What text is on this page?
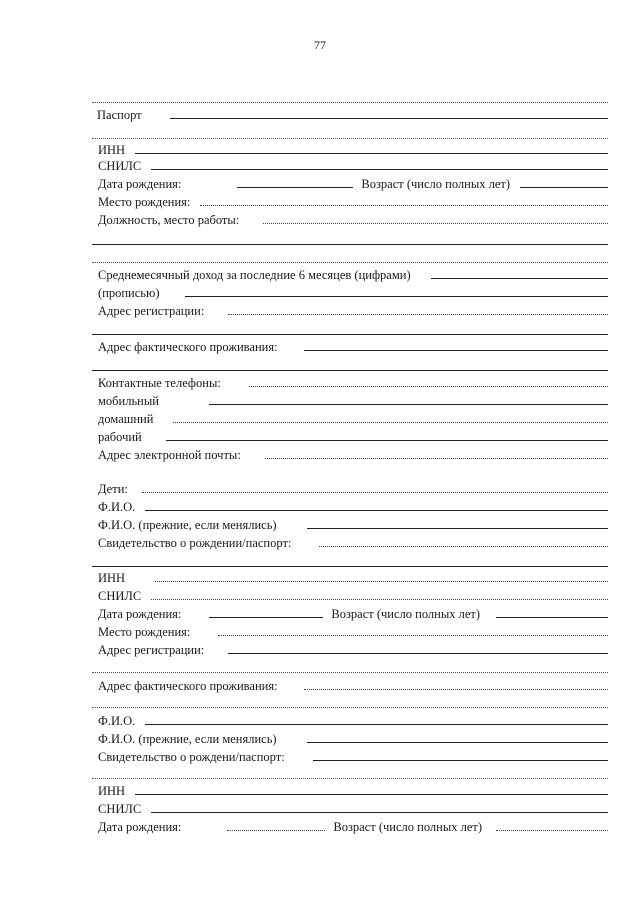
77
Паспорт
ИНН
СНИЛС
Дата рождения:	Возраст (число полных лет)
Место рождения:
Должность, место работы:
Среднемесячный доход за последние 6 месяцев (цифрами)
(прописью)
Адрес регистрации:
Адрес фактического проживания:
Контактные телефоны:
мобильный
домашний
рабочий
Адрес электронной почты:
Дети:
Ф.И.О.
Ф.И.О. (прежние, если менялись)
Свидетельство о рождении/паспорт:
ИНН
СНИЛС
Дата рождения:	Возраст (число полных лет)
Место рождения:
Адрес регистрации:
Адрес фактического проживания:
Ф.И.О.
Ф.И.О. (прежние, если менялись)
Свидетельство о рождени/паспорт:
ИНН
СНИЛС
Дата рождения:	Возраст (число полных лет)
